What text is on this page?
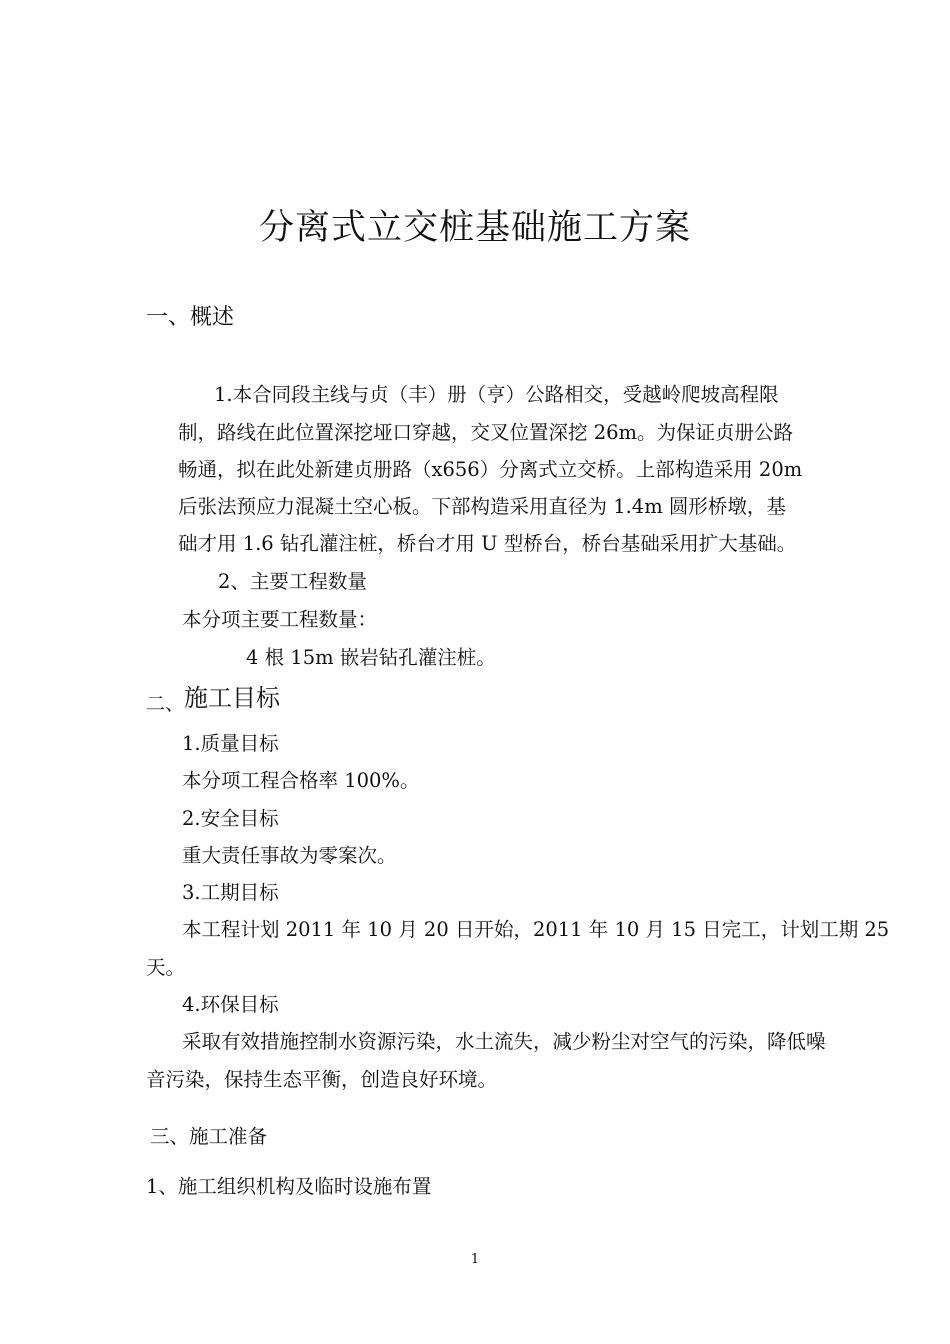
分离式立交桩基础施工方案
一、概述
1.本合同段主线与贞（丰）册（亨）公路相交，受越岭爬坡高程限
制，路线在此位置深挖垭口穿越，交叉位置深挖 26m。为保证贞册公路
畅通，拟在此处新建贞册路（x656）分离式立交桥。上部构造采用 20m
后张法预应力混凝土空心板。下部构造采用直径为 1.4m 圆形桥墩，基
础才用 1.6 钻孔灌注桩，桥台才用 U 型桥台，桥台基础采用扩大基础。
2、主要工程数量
本分项主要工程数量：
4 根 15m 嵌岩钻孔灌注桩。
二、施工目标
1.质量目标
本分项工程合格率 100%。
2.安全目标
重大责任事故为零案次。
3.工期目标
本工程计划 2011 年 10 月 20 日开始，2011 年 10 月 15 日完工，计划工期 25
天。
4.环保目标
采取有效措施控制水资源污染，水土流失，减少粉尘对空气的污染，降低噪
音污染，保持生态平衡，创造良好环境。
三、施工准备
1、施工组织机构及临时设施布置
1
